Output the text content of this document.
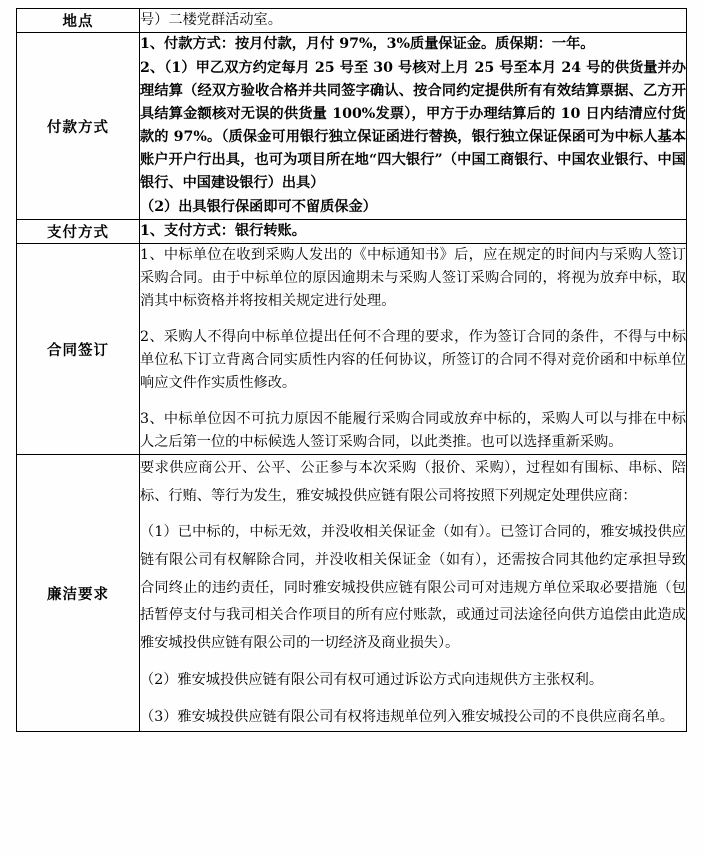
地点	号）二楼党群活动室。

付款方式	1、付款方式：按月付款，月付 97%，3%质量保证金。质保期：一年。

2、（1）甲乙双方约定每月 25 号至 30 号核对上月 25 号至本月 24 号的供货量并办理结算（经双方验收合格并共同签字确认、按合同约定提供所有有效结算票据、乙方开具结算金额核对无误的供货量 100%发票），甲方于办理结算后的 10 日内结清应付货款的 97%。（质保金可用银行独立保证函进行替换，银行独立保证保函可为中标人基本账户开户行出具，也可为项目所在地“四大银行”（中国工商银行、中国农业银行、中国银行、中国建设银行）出具）

（2）出具银行保函即可不留质保金）

支付方式	1、支付方式：银行转账。

合同签订	1、中标单位在收到采购人发出的《中标通知书》后，应在规定的时间内与采购人签订采购合同。由于中标单位的原因逾期未与采购人签订采购合同的，将视为放弃中标，取消其中标资格并将按相关规定进行处理。

2、采购人不得向中标单位提出任何不合理的要求，作为签订合同的条件，不得与中标单位私下订立背离合同实质性内容的任何协议，所签订的合同不得对竞价函和中标单位响应文件作实质性修改。

3、中标单位因不可抗力原因不能履行采购合同或放弃中标的，采购人可以与排在中标人之后第一位的中标候选人签订采购合同，以此类推。也可以选择重新采购。

廉洁要求	要求供应商公开、公平、公正参与本次采购（报价、采购），过程如有围标、串标、陪标、行贿、等行为发生，雅安城投供应链有限公司将按照下列规定处理供应商：

（1）已中标的，中标无效，并没收相关保证金（如有）。已签订合同的，雅安城投供应链有限公司有权解除合同，并没收相关保证金（如有），还需按合同其他约定承担导致合同终止的违约责任，同时雅安城投供应链有限公司可对违规方单位采取必要措施（包括暂停支付与我司相关合作项目的所有应付账款，或通过司法途径向供方追偿由此造成雅安城投供应链有限公司的一切经济及商业损失）。

（2）雅安城投供应链有限公司有权可通过诉讼方式向违规供方主张权利。

（3）雅安城投供应链有限公司有权将违规单位列入雅安城投公司的不良供应商名单。
